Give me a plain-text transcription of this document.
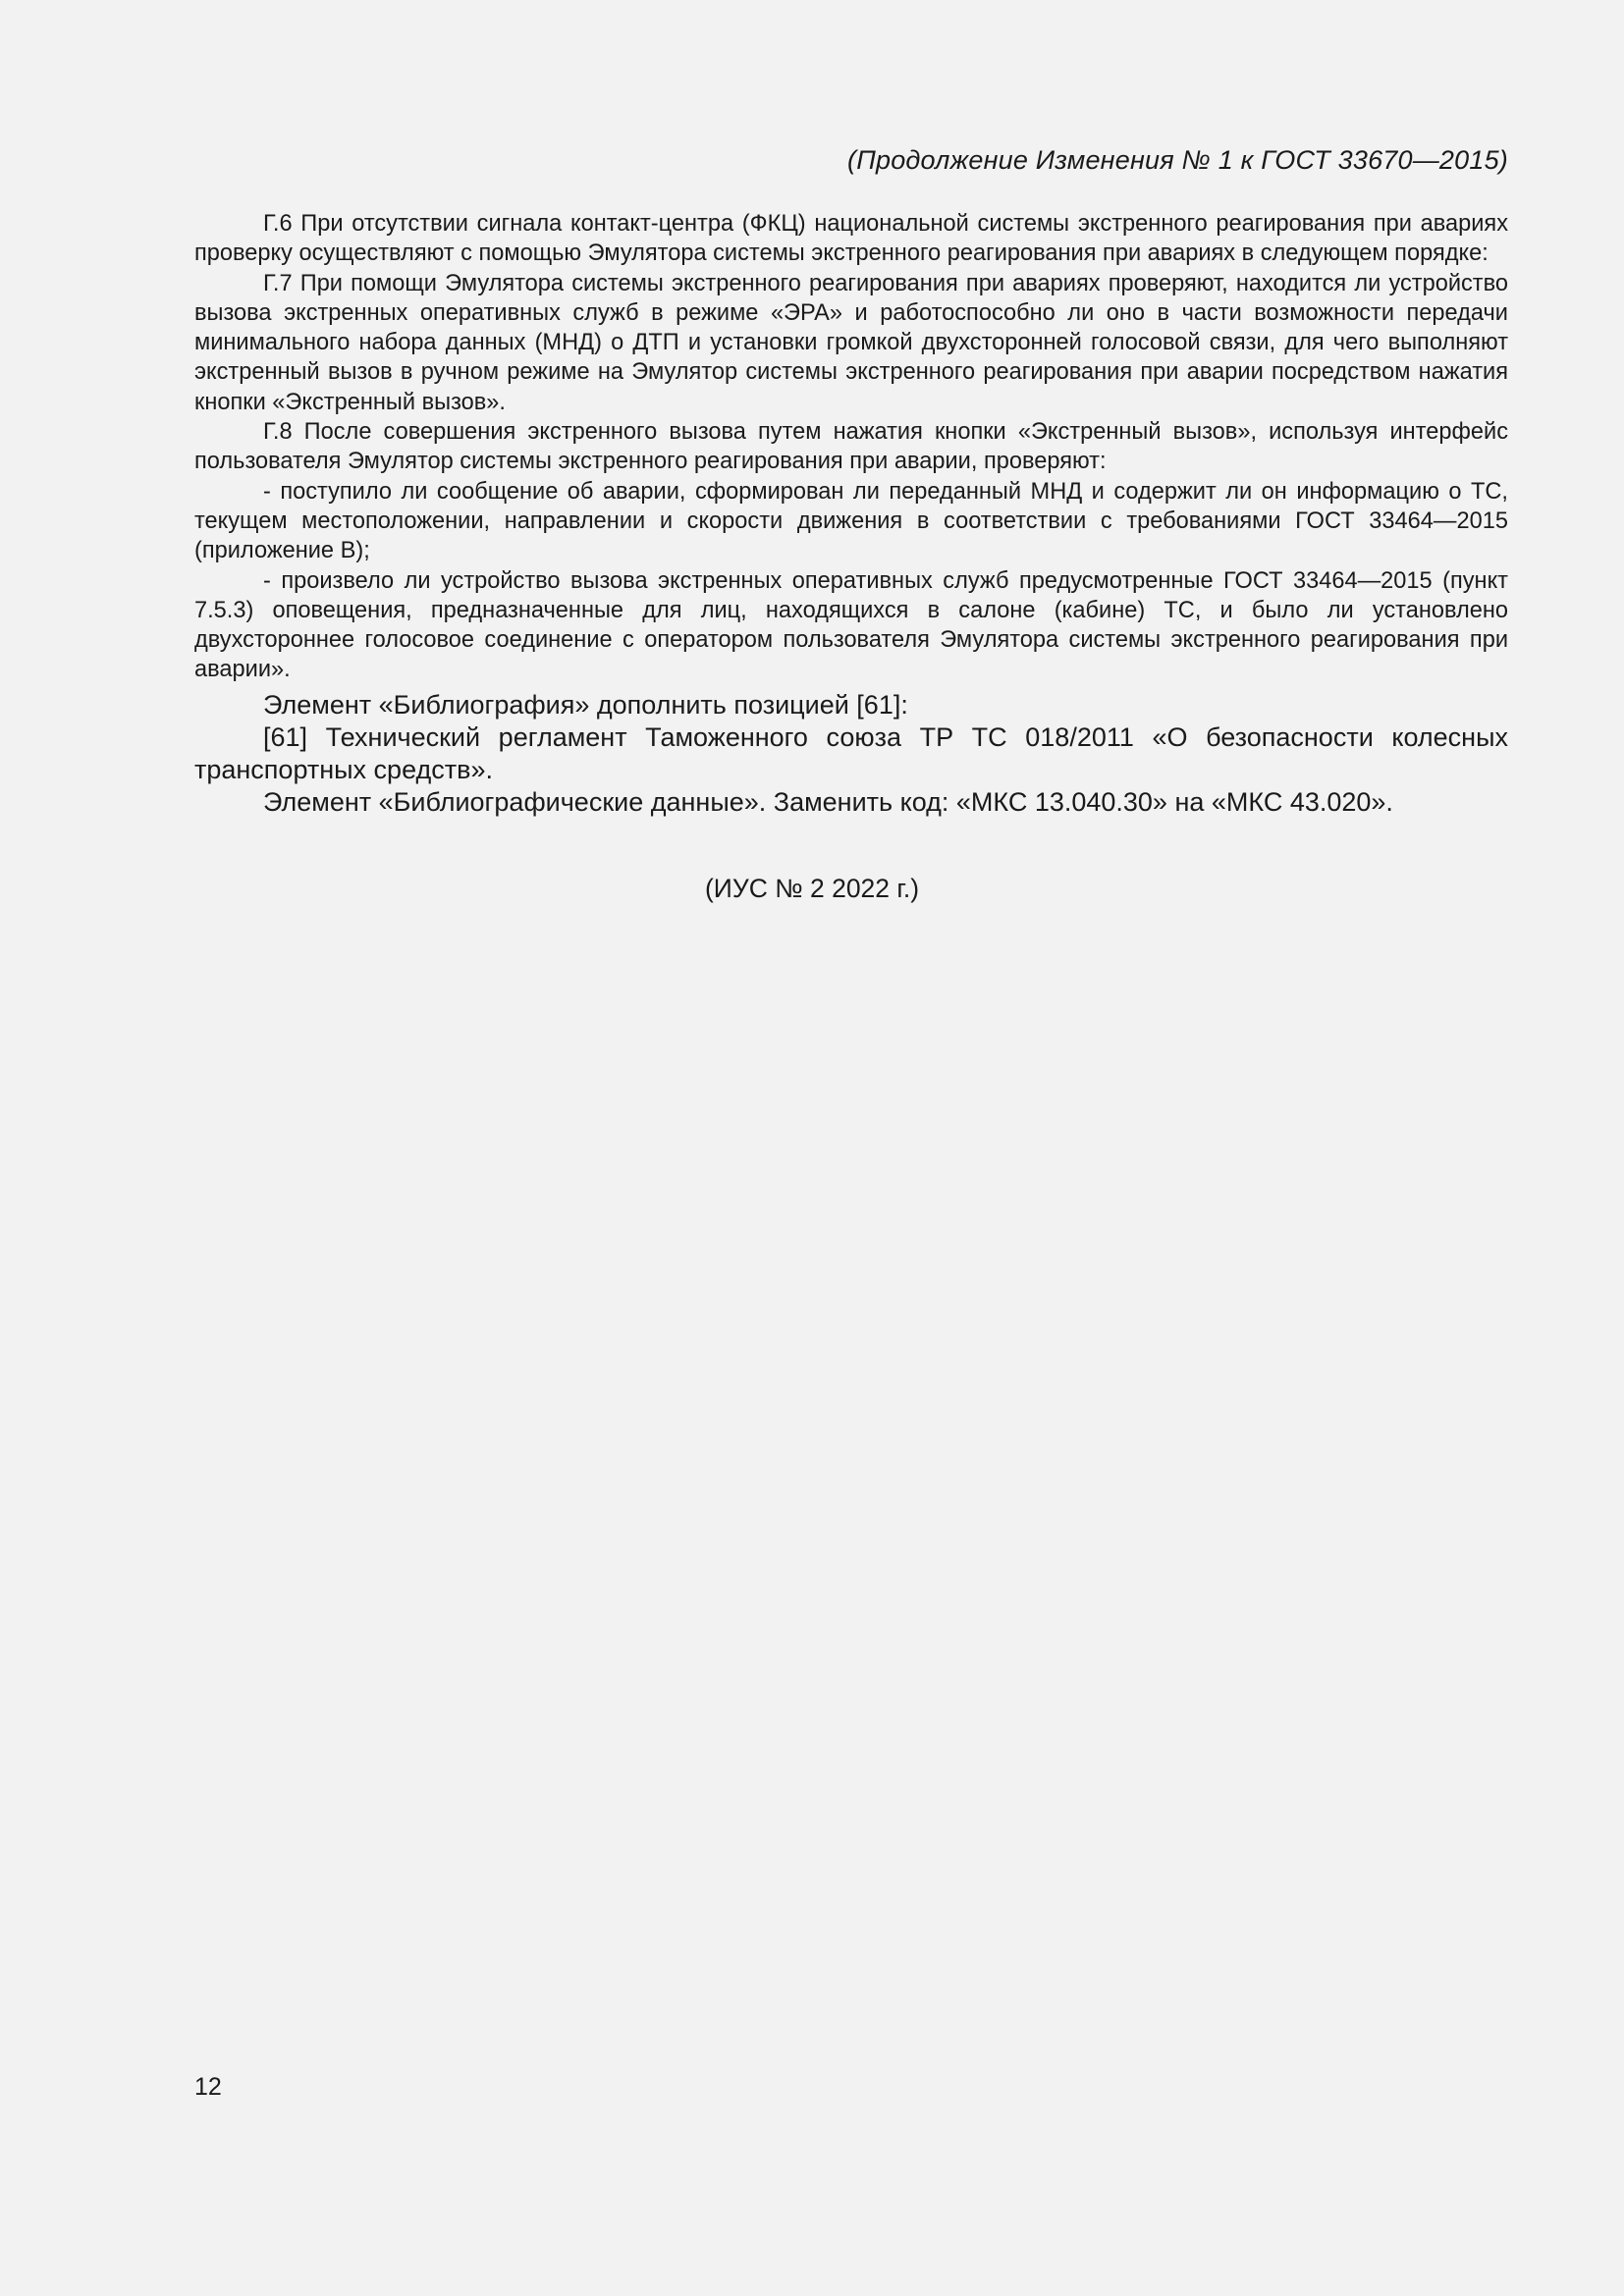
(Продолжение Изменения № 1 к ГОСТ 33670—2015)

Г.6 При отсутствии сигнала контакт-центра (ФКЦ) национальной системы экстренного реагирования при авариях проверку осуществляют с помощью Эмулятора системы экстренного реагирования при авариях в следующем порядке:

Г.7 При помощи Эмулятора системы экстренного реагирования при авариях проверяют, находится ли устройство вызова экстренных оперативных служб в режиме «ЭРА» и работоспособно ли оно в части возможности передачи минимального набора данных (МНД) о ДТП и установки громкой двухсторонней голосовой связи, для чего выполняют экстренный вызов в ручном режиме на Эмулятор системы экстренного реагирования при аварии посредством нажатия кнопки «Экстренный вызов».

Г.8 После совершения экстренного вызова путем нажатия кнопки «Экстренный вызов», используя интерфейс пользователя Эмулятор системы экстренного реагирования при аварии, проверяют:

- поступило ли сообщение об аварии, сформирован ли переданный МНД и содержит ли он информацию о ТС, текущем местоположении, направлении и скорости движения в соответствии с требованиями ГОСТ 33464—2015 (приложение В);

- произвело ли устройство вызова экстренных оперативных служб предусмотренные ГОСТ 33464—2015 (пункт 7.5.3) оповещения, предназначенные для лиц, находящихся в салоне (кабине) ТС, и было ли установлено двухстороннее голосовое соединение с оператором пользователя Эмулятора системы экстренного реагирования при аварии».

Элемент «Библиография» дополнить позицией [61]:

[61] Технический регламент Таможенного союза ТР ТС 018/2011 «О безопасности колесных транспортных средств».

Элемент «Библиографические данные». Заменить код: «МКС 13.040.30» на «МКС 43.020».

(ИУС № 2 2022 г.)
12
